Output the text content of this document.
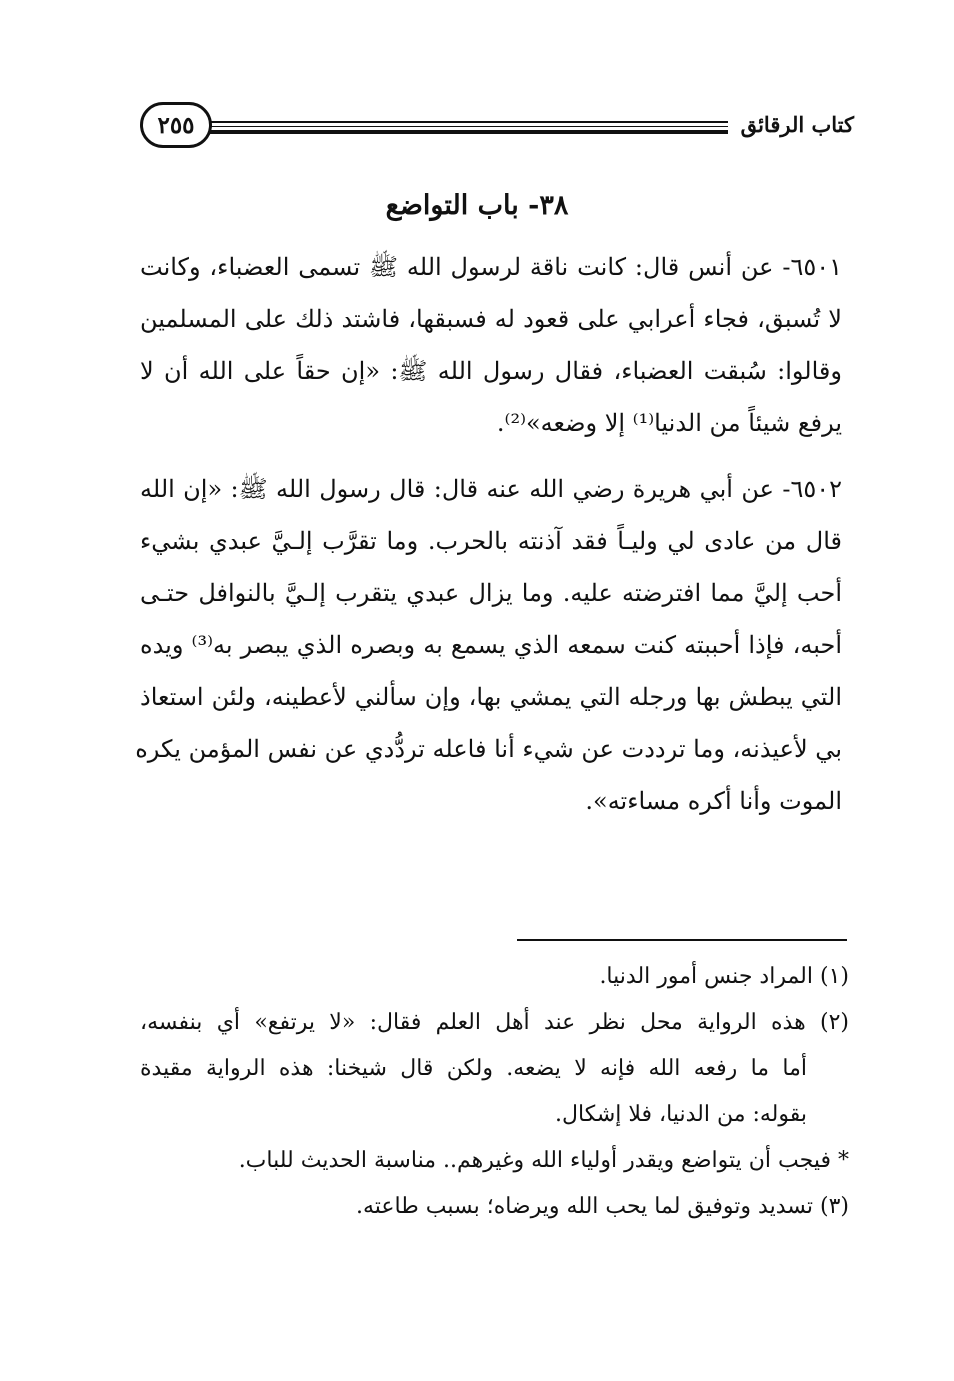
كتاب الرقائق
٢٥٥
٣٨- باب التواضع
٦٥٠١- عن أنس قال: كانت ناقة لرسول الله ﷺ تسمى العضباء، وكانت
لا تُسبق، فجاء أعرابي على قعود له فسبقها، فاشتد ذلك على المسلمين
وقالوا: سُبقت العضباء، فقال رسول الله ﷺ: «إن حقاً على الله أن لا
يرفع شيئاً من الدنيا⁽¹⁾ إلا وضعه»⁽²⁾.
٦٥٠٢- عن أبي هريرة رضي الله عنه قال: قال رسول الله ﷺ: «إن الله
قال من عادى لي وليـاً فقد آذنته بالحرب. وما تقرَّب إلـيَّ عبدي بشيء
أحب إليَّ مما افترضته عليه. وما يزال عبدي يتقرب إلـيَّ بالنوافل حتـى
أحبه، فإذا أحببته كنت سمعه الذي يسمع به وبصره الذي يبصر به⁽³⁾ ويده
التي يبطش بها ورجله التي يمشي بها، وإن سألني لأعطينه، ولئن استعاذ
بي لأعيذنه، وما ترددت عن شيء أنا فاعله تردُّدي عن نفس المؤمن يكره
الموت وأنا أكره مساءته».
(١) المراد جنس أمور الدنيا.
(٢) هذه الرواية محل نظر عند أهل العلم فقال: «لا يرتفع» أي بنفسه،
أما ما رفعه الله فإنه لا يضعه. ولكن قال شيخنا: هذه الرواية مقيدة
بقوله: من الدنيا، فلا إشكال.
* فيجب أن يتواضع ويقدر أولياء الله وغيرهم.. مناسبة الحديث للباب.
(٣) تسديد وتوفيق لما يحب الله ويرضاه؛ بسبب طاعته.
